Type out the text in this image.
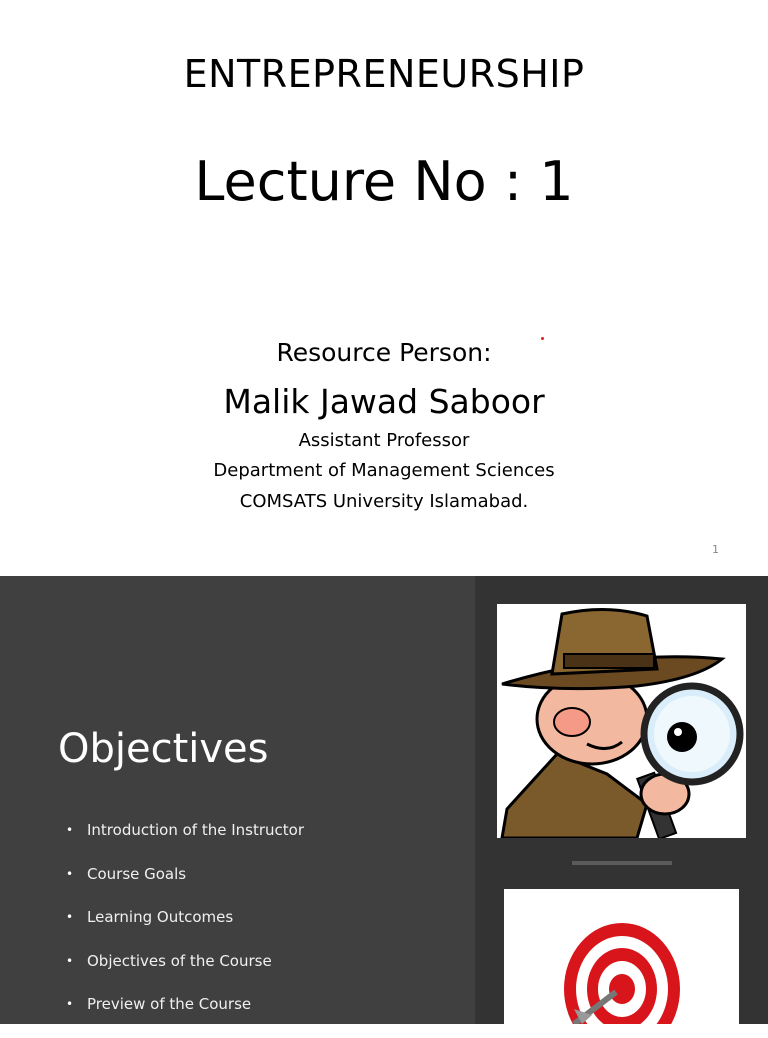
ENTREPRENEURSHIP
Lecture No : 1
Resource Person:
Malik Jawad Saboor
Assistant Professor
Department of Management Sciences
COMSATS University Islamabad.
1
Objectives
• Introduction of the Instructor
• Course Goals
• Learning Outcomes
• Objectives of the Course
• Preview of the Course
